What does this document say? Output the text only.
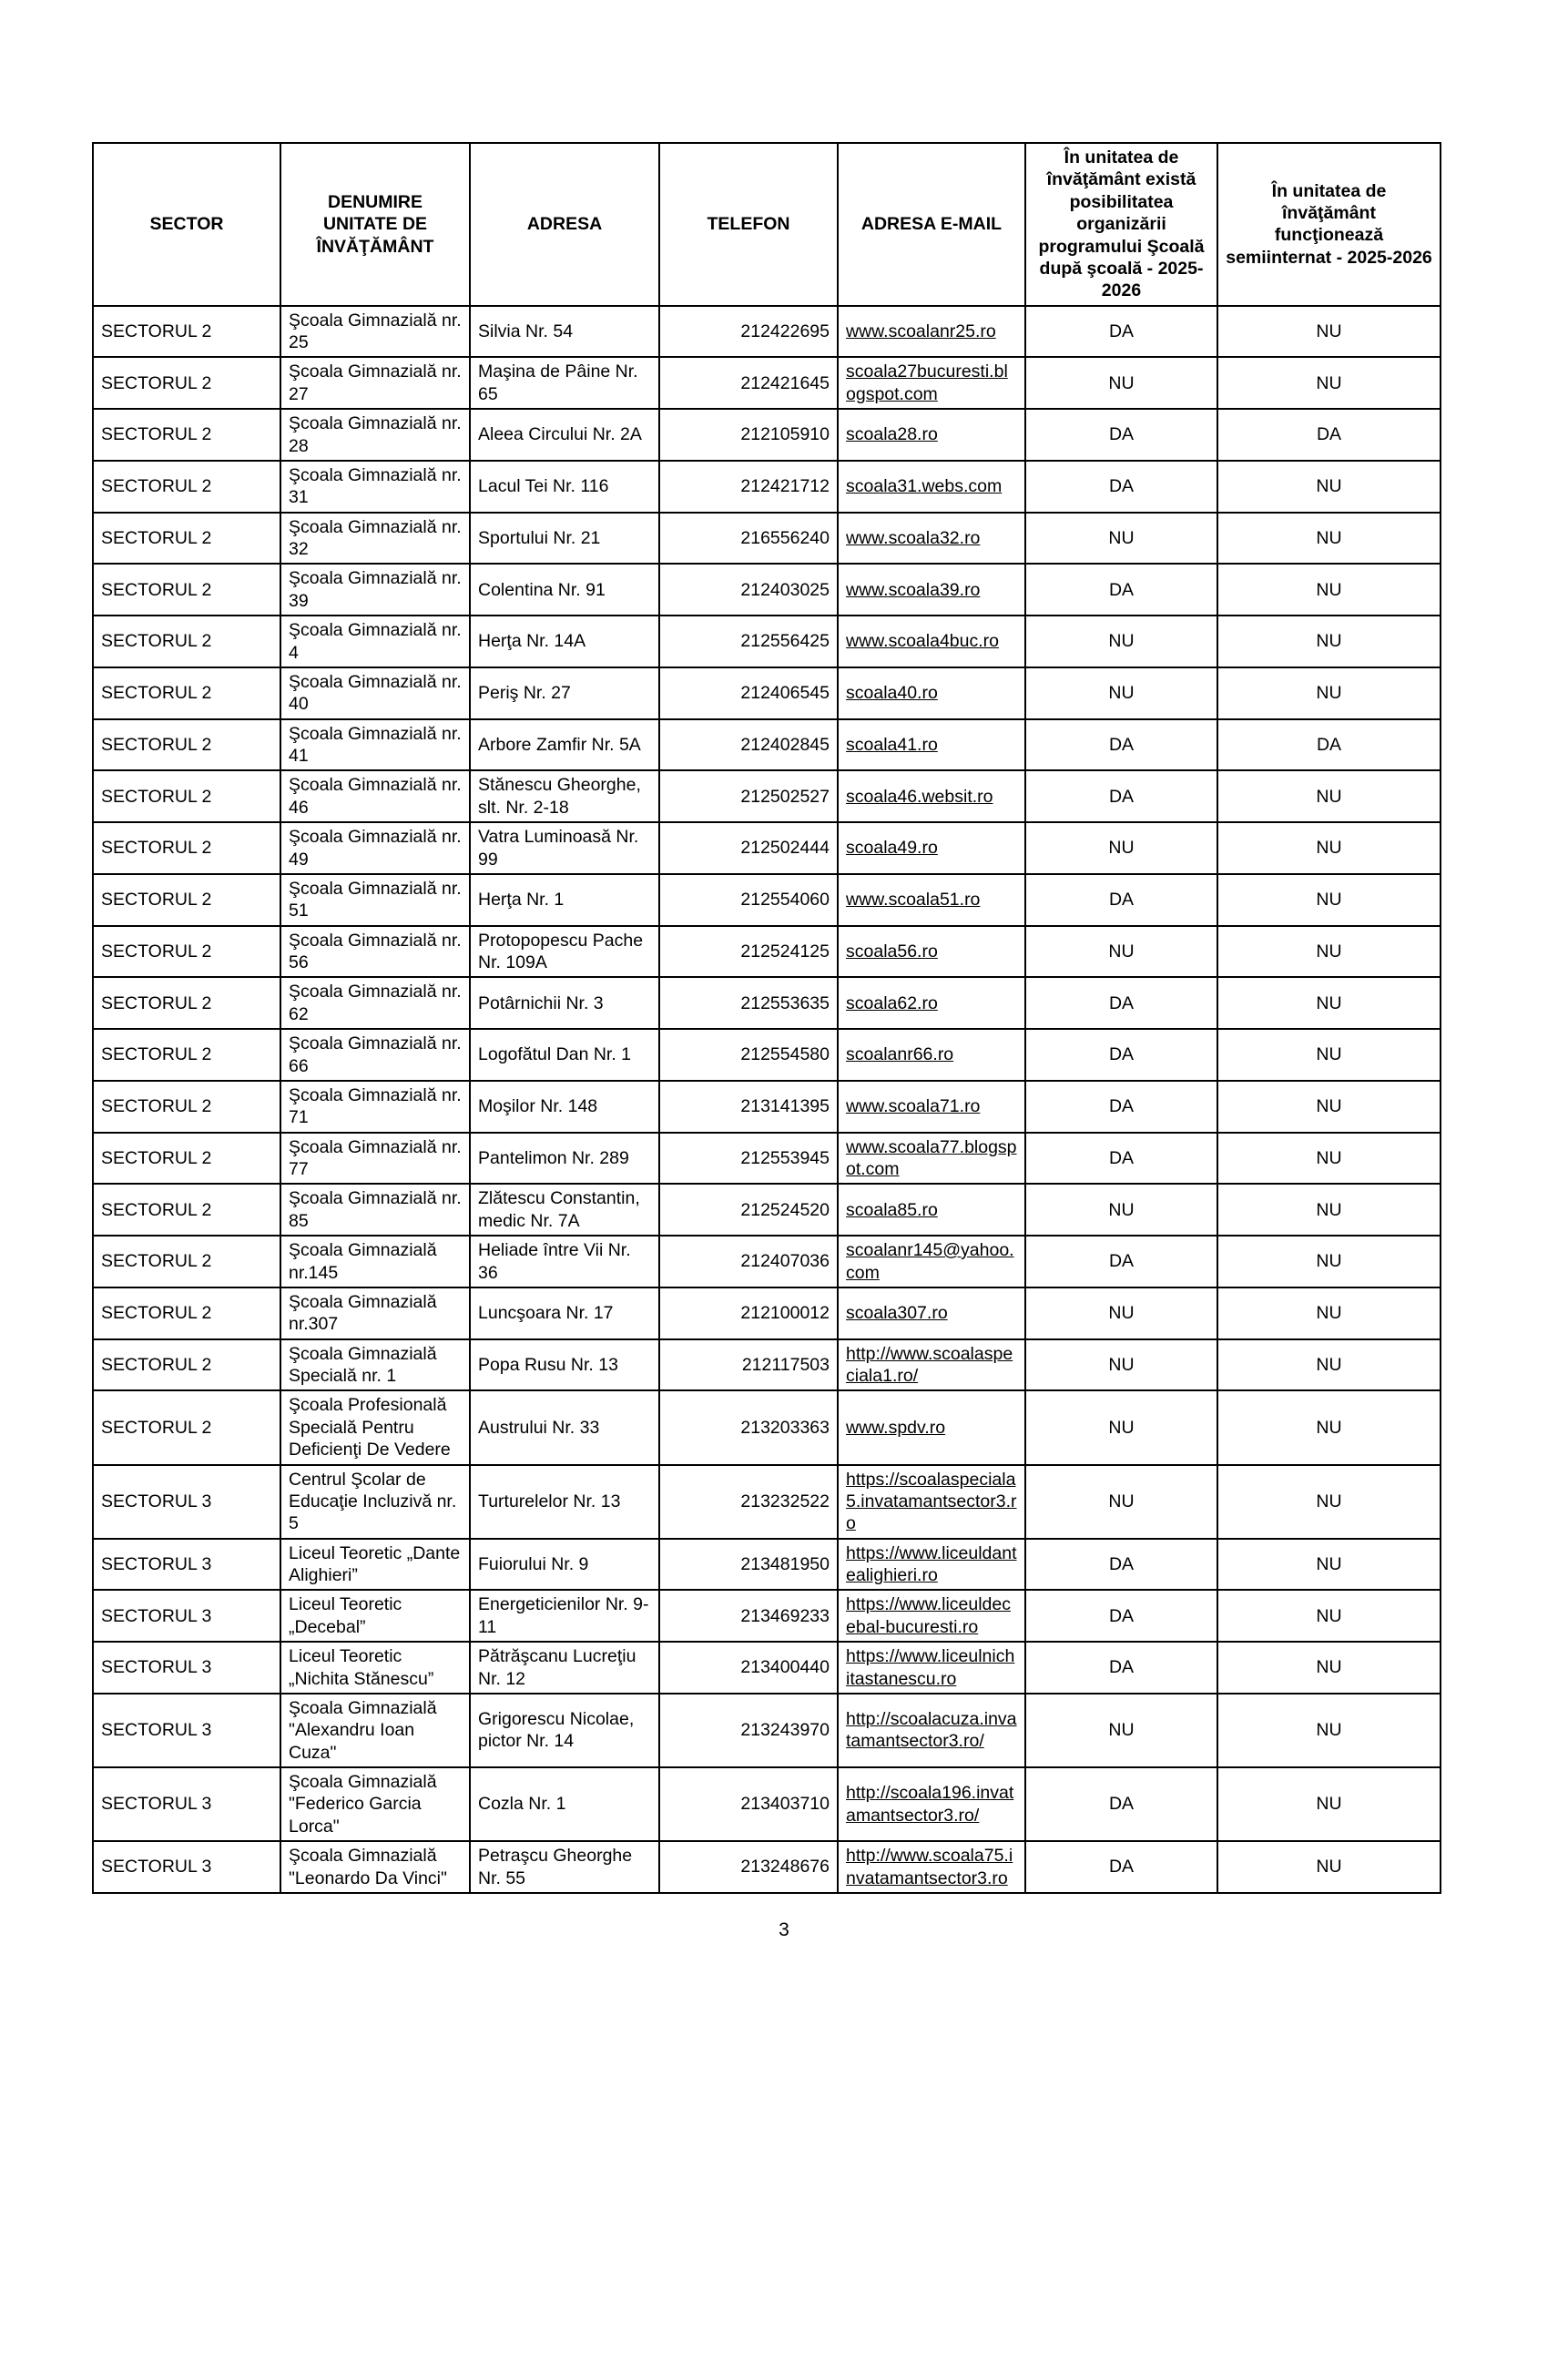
SECTOR	DENUMIRE UNITATE DE ÎNVĂŢĂMÂNT	ADRESA	TELEFON	ADRESA E-MAIL	În unitatea de învăţământ există posibilitatea organizării programului Şcoală după şcoală - 2025-2026	În unitatea de învăţământ funcţionează semiinternat - 2025-2026
SECTORUL 2	Şcoala Gimnazială nr. 25	Silvia Nr. 54	212422695	www.scoalanr25.ro	DA	NU
SECTORUL 2	Şcoala Gimnazială nr. 27	Maşina de Pâine Nr. 65	212421645	scoala27bucuresti.blogspot.com	NU	NU
SECTORUL 2	Şcoala Gimnazială nr. 28	Aleea Circului Nr. 2A	212105910	scoala28.ro	DA	DA
SECTORUL 2	Şcoala Gimnazială nr. 31	Lacul Tei Nr. 116	212421712	scoala31.webs.com	DA	NU
SECTORUL 2	Şcoala Gimnazială nr. 32	Sportului Nr. 21	216556240	www.scoala32.ro	NU	NU
SECTORUL 2	Şcoala Gimnazială nr. 39	Colentina Nr. 91	212403025	www.scoala39.ro	DA	NU
SECTORUL 2	Şcoala Gimnazială nr. 4	Herţa Nr. 14A	212556425	www.scoala4buc.ro	NU	NU
SECTORUL 2	Şcoala Gimnazială nr. 40	Periş Nr. 27	212406545	scoala40.ro	NU	NU
SECTORUL 2	Şcoala Gimnazială nr. 41	Arbore Zamfir Nr. 5A	212402845	scoala41.ro	DA	DA
SECTORUL 2	Şcoala Gimnazială nr. 46	Stănescu Gheorghe, slt. Nr. 2-18	212502527	scoala46.websit.ro	DA	NU
SECTORUL 2	Şcoala Gimnazială nr. 49	Vatra Luminoasă Nr. 99	212502444	scoala49.ro	NU	NU
SECTORUL 2	Şcoala Gimnazială nr. 51	Herţa Nr. 1	212554060	www.scoala51.ro	DA	NU
SECTORUL 2	Şcoala Gimnazială nr. 56	Protopopescu Pache Nr. 109A	212524125	scoala56.ro	NU	NU
SECTORUL 2	Şcoala Gimnazială nr. 62	Potârnichii Nr. 3	212553635	scoala62.ro	DA	NU
SECTORUL 2	Şcoala Gimnazială nr. 66	Logofătul Dan Nr. 1	212554580	scoalanr66.ro	DA	NU
SECTORUL 2	Şcoala Gimnazială nr. 71	Moşilor Nr. 148	213141395	www.scoala71.ro	DA	NU
SECTORUL 2	Şcoala Gimnazială nr. 77	Pantelimon Nr. 289	212553945	www.scoala77.blogspot.com	DA	NU
SECTORUL 2	Şcoala Gimnazială nr. 85	Zlătescu Constantin, medic Nr. 7A	212524520	scoala85.ro	NU	NU
SECTORUL 2	Şcoala Gimnazială nr.145	Heliade între Vii Nr. 36	212407036	scoalanr145@yahoo.com	DA	NU
SECTORUL 2	Şcoala Gimnazială nr.307	Luncşoara Nr. 17	212100012	scoala307.ro	NU	NU
SECTORUL 2	Şcoala Gimnazială Specială nr. 1	Popa Rusu Nr. 13	212117503	http://www.scoalaspeciala1.ro/	NU	NU
SECTORUL 2	Şcoala Profesională Specială Pentru Deficienţi De Vedere	Austrului Nr. 33	213203363	www.spdv.ro	NU	NU
SECTORUL 3	Centrul Şcolar de Educaţie Incluzivă nr. 5	Turturelelor Nr. 13	213232522	https://scoalaspeciala5.invatamantsector3.ro	NU	NU
SECTORUL 3	Liceul Teoretic „Dante Alighieri”	Fuiorului Nr. 9	213481950	https://www.liceuldantealighieri.ro	DA	NU
SECTORUL 3	Liceul Teoretic „Decebal”	Energeticienilor Nr. 9-11	213469233	https://www.liceuldecebal-bucuresti.ro	DA	NU
SECTORUL 3	Liceul Teoretic „Nichita Stănescu”	Pătrăşcanu Lucreţiu Nr. 12	213400440	https://www.liceulnichitastanescu.ro	DA	NU
SECTORUL 3	Şcoala Gimnazială "Alexandru Ioan Cuza"	Grigorescu Nicolae, pictor Nr. 14	213243970	http://scoalacuza.invatamantsector3.ro/	NU	NU
SECTORUL 3	Şcoala Gimnazială "Federico Garcia Lorca"	Cozla Nr. 1	213403710	http://scoala196.invatamantsector3.ro/	DA	NU
SECTORUL 3	Şcoala Gimnazială "Leonardo Da Vinci"	Petraşcu Gheorghe Nr. 55	213248676	http://www.scoala75.invatamantsector3.ro	DA	NU
3
